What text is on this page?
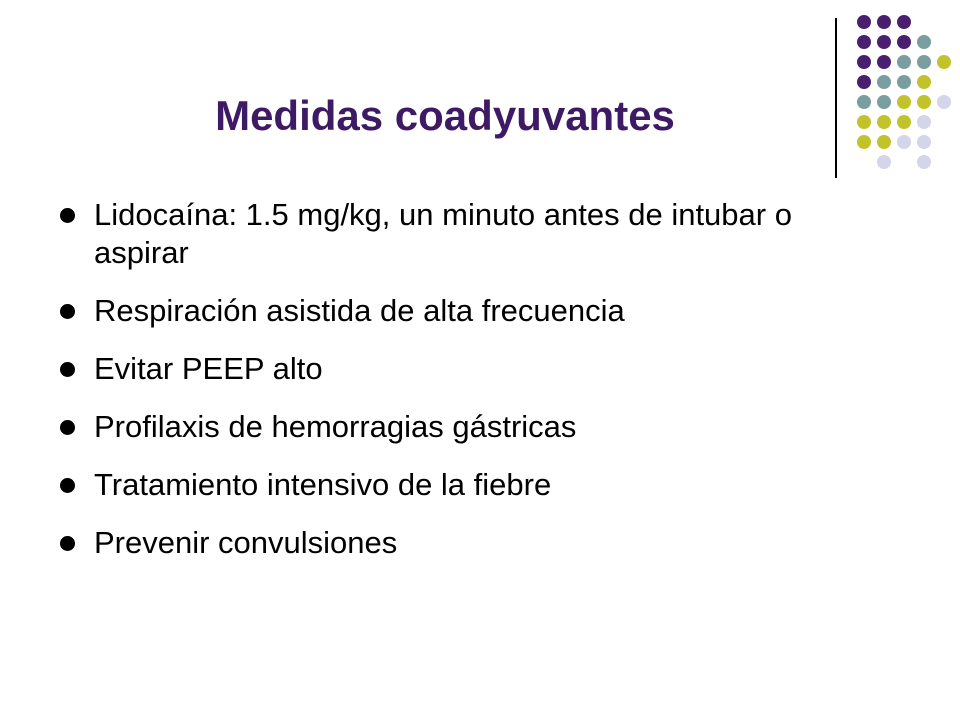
Medidas coadyuvantes
Lidocaína: 1.5 mg/kg, un minuto antes de intubar o aspirar
Respiración asistida de alta frecuencia
Evitar PEEP alto
Profilaxis de hemorragias gástricas
Tratamiento intensivo de la fiebre
Prevenir convulsiones
